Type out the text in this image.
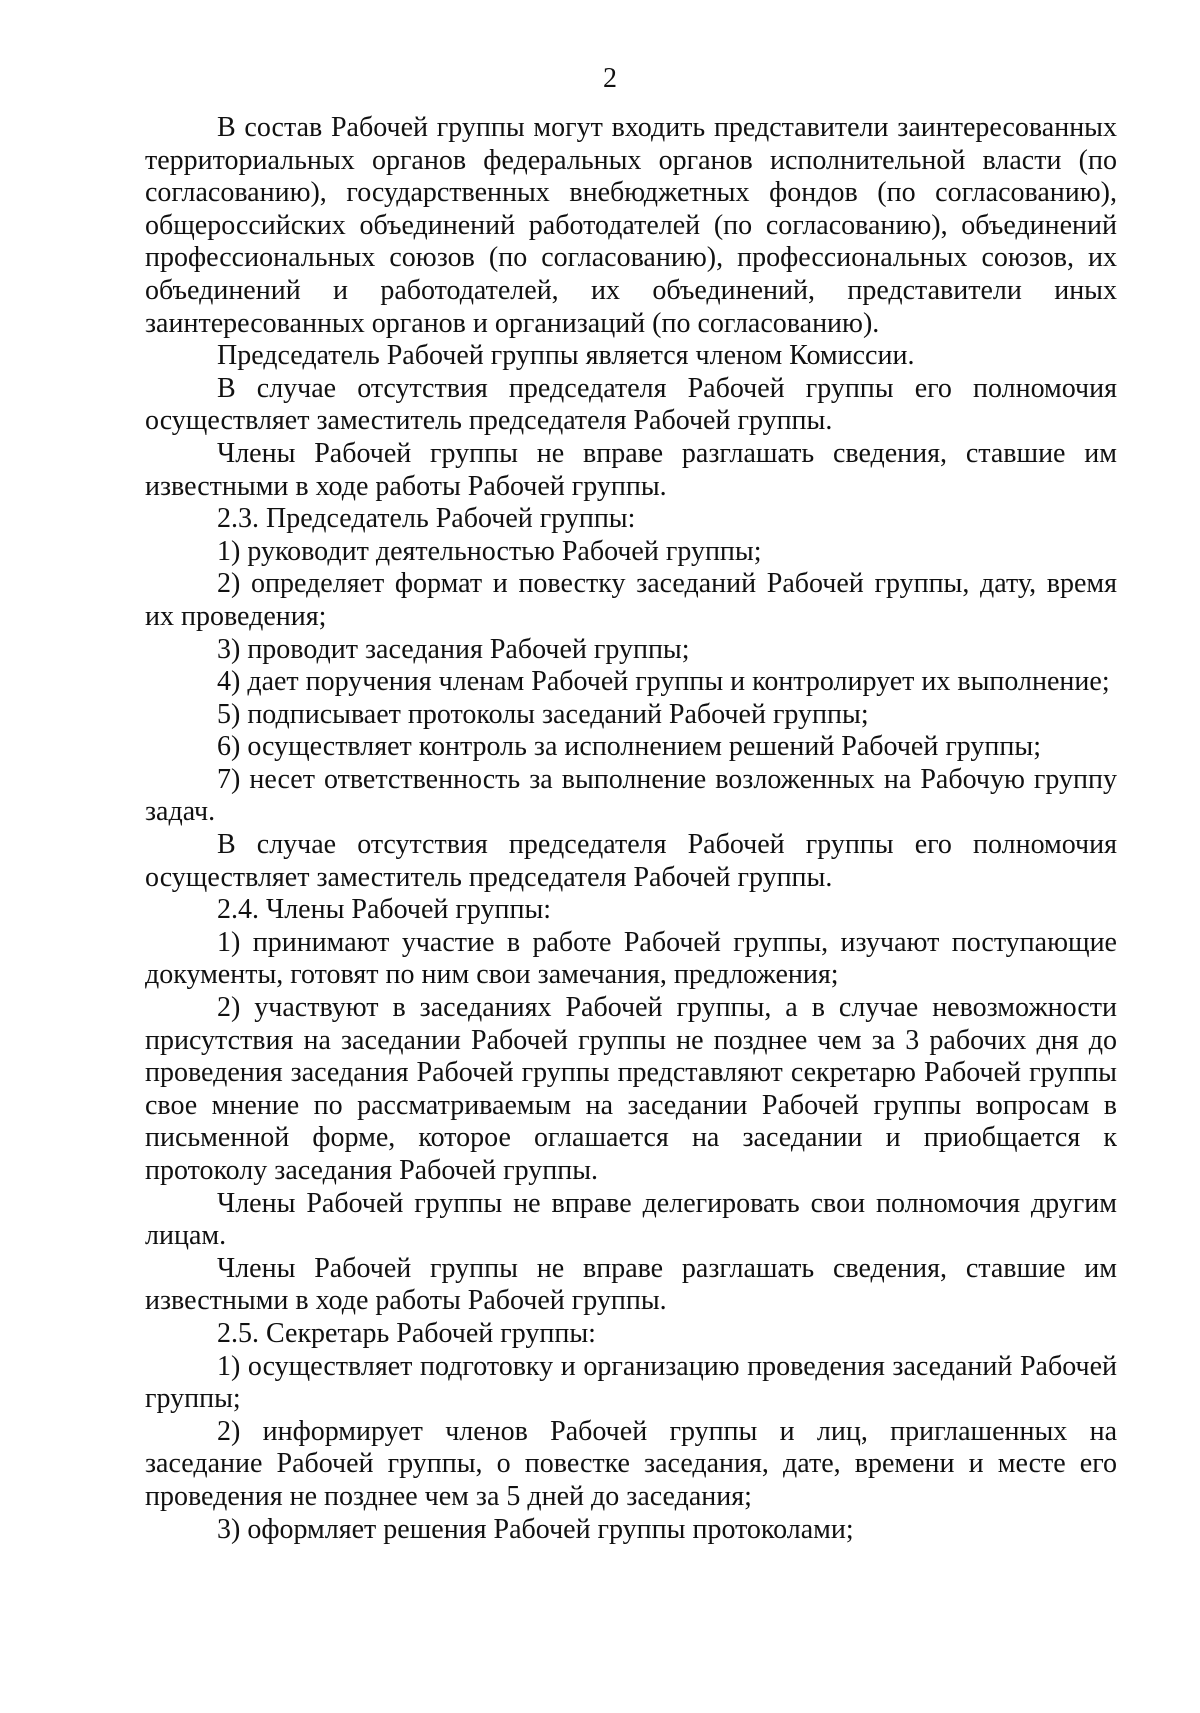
2

В состав Рабочей группы могут входить представители заинтересованных территориальных органов федеральных органов исполнительной власти (по согласованию), государственных внебюджетных фондов (по согласованию), общероссийских объединений работодателей (по согласованию), объединений профессиональных союзов (по согласованию), профессиональных союзов, их объединений и работодателей, их объединений, представители иных заинтересованных органов и организаций (по согласованию).

Председатель Рабочей группы является членом Комиссии.

В случае отсутствия председателя Рабочей группы его полномочия осуществляет заместитель председателя Рабочей группы.

Члены Рабочей группы не вправе разглашать сведения, ставшие им известными в ходе работы Рабочей группы.

2.3. Председатель Рабочей группы:

1) руководит деятельностью Рабочей группы;

2) определяет формат и повестку заседаний Рабочей группы, дату, время их проведения;

3) проводит заседания Рабочей группы;

4) дает поручения членам Рабочей группы и контролирует их выполнение;

5) подписывает протоколы заседаний Рабочей группы;

6) осуществляет контроль за исполнением решений Рабочей группы;

7) несет ответственность за выполнение возложенных на Рабочую группу задач.

В случае отсутствия председателя Рабочей группы его полномочия осуществляет заместитель председателя Рабочей группы.

2.4. Члены Рабочей группы:

1) принимают участие в работе Рабочей группы, изучают поступающие документы, готовят по ним свои замечания, предложения;

2) участвуют в заседаниях Рабочей группы, а в случае невозможности присутствия на заседании Рабочей группы не позднее чем за 3 рабочих дня до проведения заседания Рабочей группы представляют секретарю Рабочей группы свое мнение по рассматриваемым на заседании Рабочей группы вопросам в письменной форме, которое оглашается на заседании и приобщается к протоколу заседания Рабочей группы.

Члены Рабочей группы не вправе делегировать свои полномочия другим лицам.

Члены Рабочей группы не вправе разглашать сведения, ставшие им известными в ходе работы Рабочей группы.

2.5. Секретарь Рабочей группы:

1) осуществляет подготовку и организацию проведения заседаний Рабочей группы;

2) информирует членов Рабочей группы и лиц, приглашенных на заседание Рабочей группы, о повестке заседания, дате, времени и месте его проведения не позднее чем за 5 дней до заседания;

3) оформляет решения Рабочей группы протоколами;
